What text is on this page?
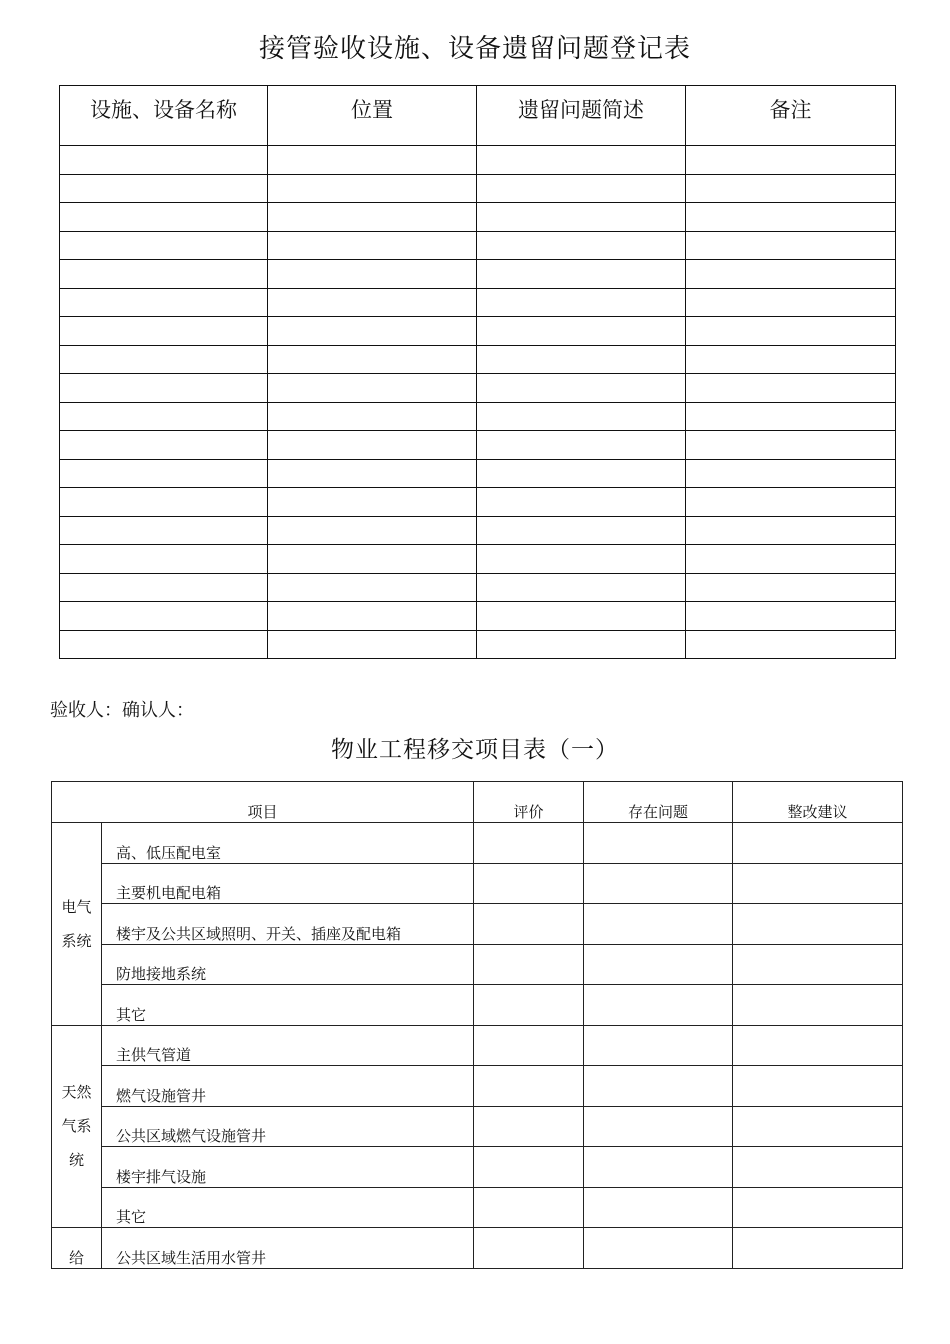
接管验收设施、设备遗留问题登记表
设施、设备名称	位置	遗留问题简述	备注

验收人：确认人：
物业工程移交项目表（一）
项目		评价	存在问题	整改建议
电气系统	高、低压配电室			
	主要机电配电箱			
	楼宇及公共区域照明、开关、插座及配电箱			
	防地接地系统			
	其它			
天然气系统	主供气管道			
	燃气设施管井			
	公共区域燃气设施管井			
	楼宇排气设施			
	其它			
给	公共区域生活用水管井			
